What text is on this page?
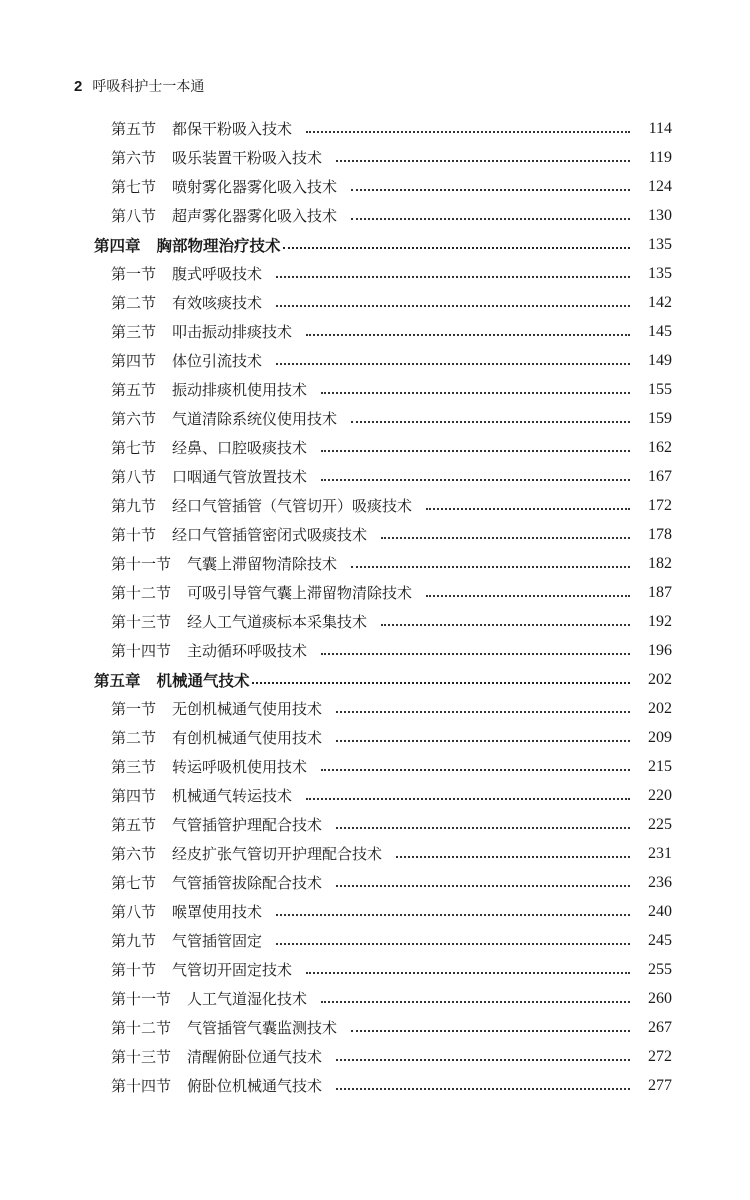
2 呼吸科护士一本通
第五节 都保干粉吸入技术	114
第六节 吸乐装置干粉吸入技术	119
第七节 喷射雾化器雾化吸入技术	124
第八节 超声雾化器雾化吸入技术	130
第四章 胸部物理治疗技术	135
第一节 腹式呼吸技术	135
第二节 有效咳痰技术	142
第三节 叩击振动排痰技术	145
第四节 体位引流技术	149
第五节 振动排痰机使用技术	155
第六节 气道清除系统仪使用技术	159
第七节 经鼻、口腔吸痰技术	162
第八节 口咽通气管放置技术	167
第九节 经口气管插管（气管切开）吸痰技术	172
第十节 经口气管插管密闭式吸痰技术	178
第十一节 气囊上滞留物清除技术	182
第十二节 可吸引导管气囊上滞留物清除技术	187
第十三节 经人工气道痰标本采集技术	192
第十四节 主动循环呼吸技术	196
第五章 机械通气技术	202
第一节 无创机械通气使用技术	202
第二节 有创机械通气使用技术	209
第三节 转运呼吸机使用技术	215
第四节 机械通气转运技术	220
第五节 气管插管护理配合技术	225
第六节 经皮扩张气管切开护理配合技术	231
第七节 气管插管拔除配合技术	236
第八节 喉罩使用技术	240
第九节 气管插管固定	245
第十节 气管切开固定技术	255
第十一节 人工气道湿化技术	260
第十二节 气管插管气囊监测技术	267
第十三节 清醒俯卧位通气技术	272
第十四节 俯卧位机械通气技术	277
